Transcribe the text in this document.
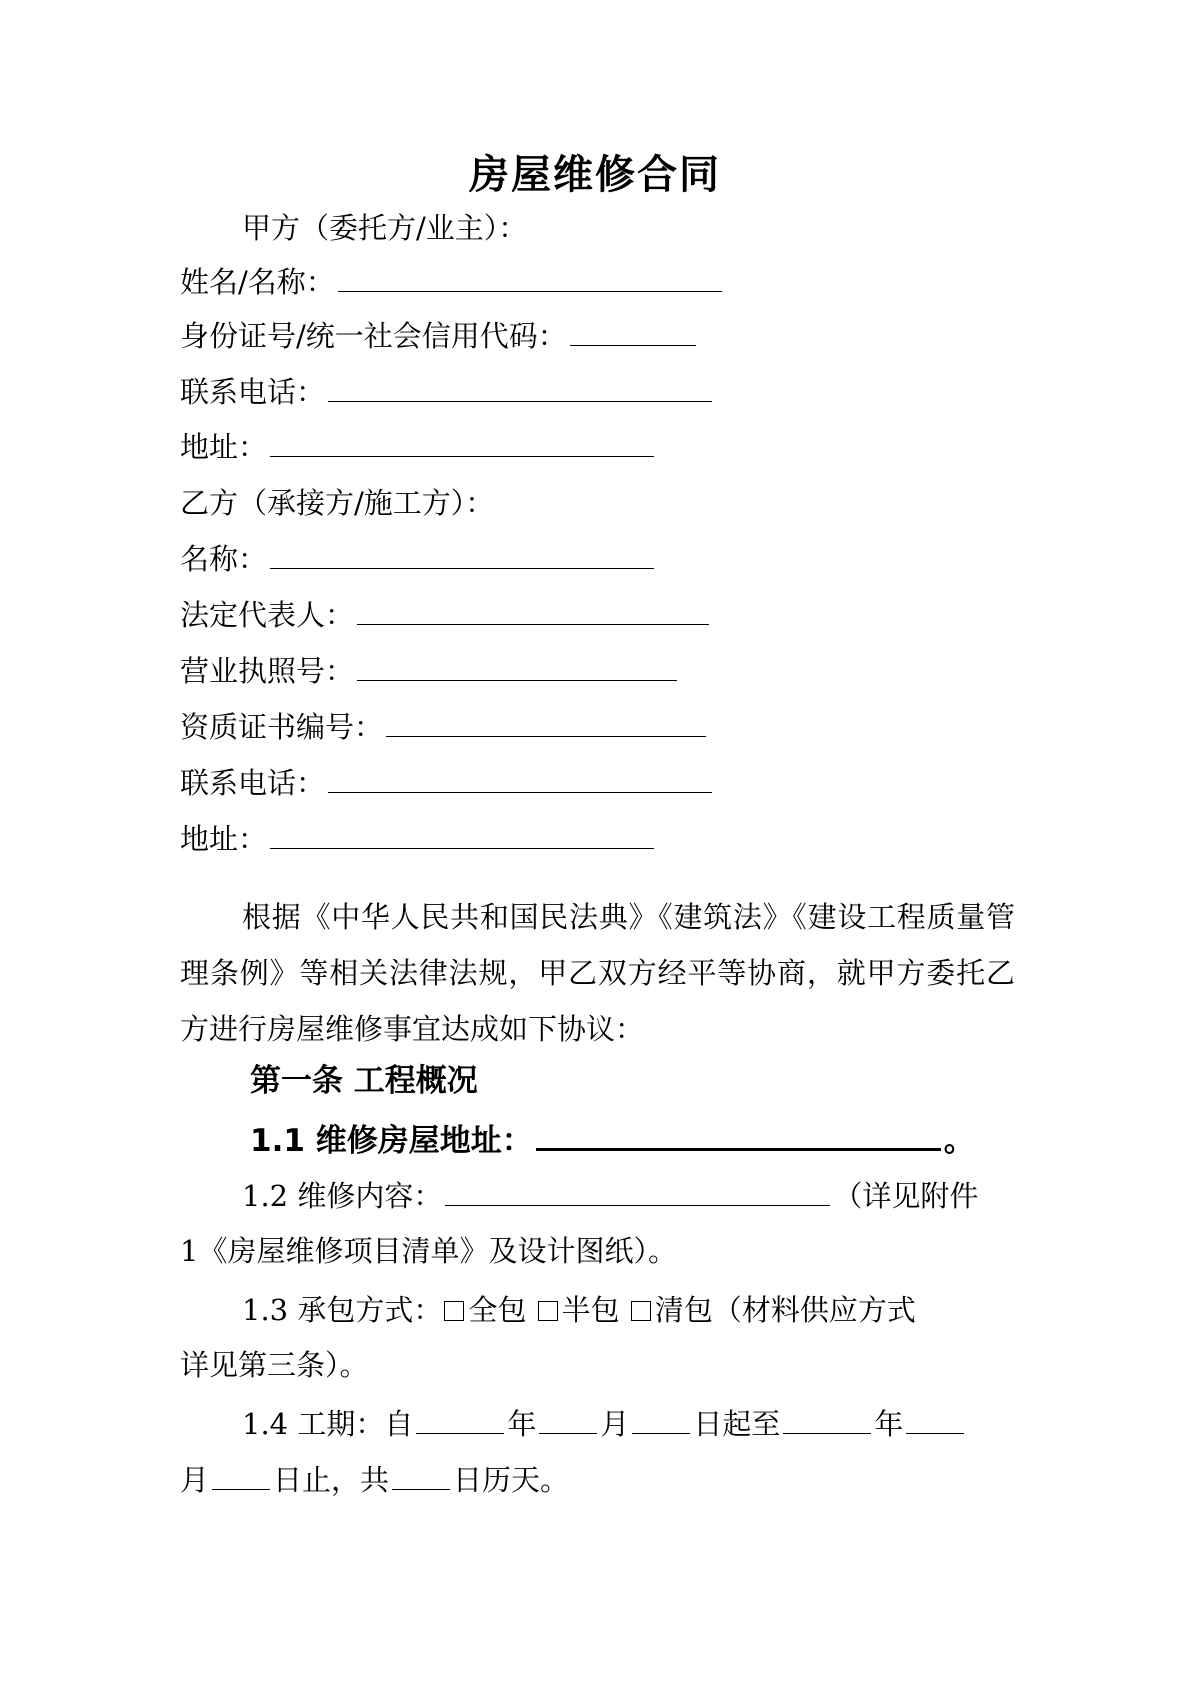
房屋维修合同
甲方（委托方/业主）：
姓名/名称：
身份证号/统一社会信用代码：
联系电话：
地址：
乙方（承接方/施工方）：
名称：
法定代表人：
营业执照号：
资质证书编号：
联系电话：
地址：
根据《中华人民共和国民法典》《建筑法》《建设工程质量管理条例》等相关法律法规，甲乙双方经平等协商，就甲方委托乙方进行房屋维修事宜达成如下协议：
第一条 工程概况
1.1 维修房屋地址：	。
1.2 维修内容：	（详见附件
1《房屋维修项目清单》及设计图纸）。
1.3 承包方式： 全包 半包 清包（材料供应方式
详见第三条）。
1.4 工期：自	年 月 日起至	年
月 日止，共 日历天。
